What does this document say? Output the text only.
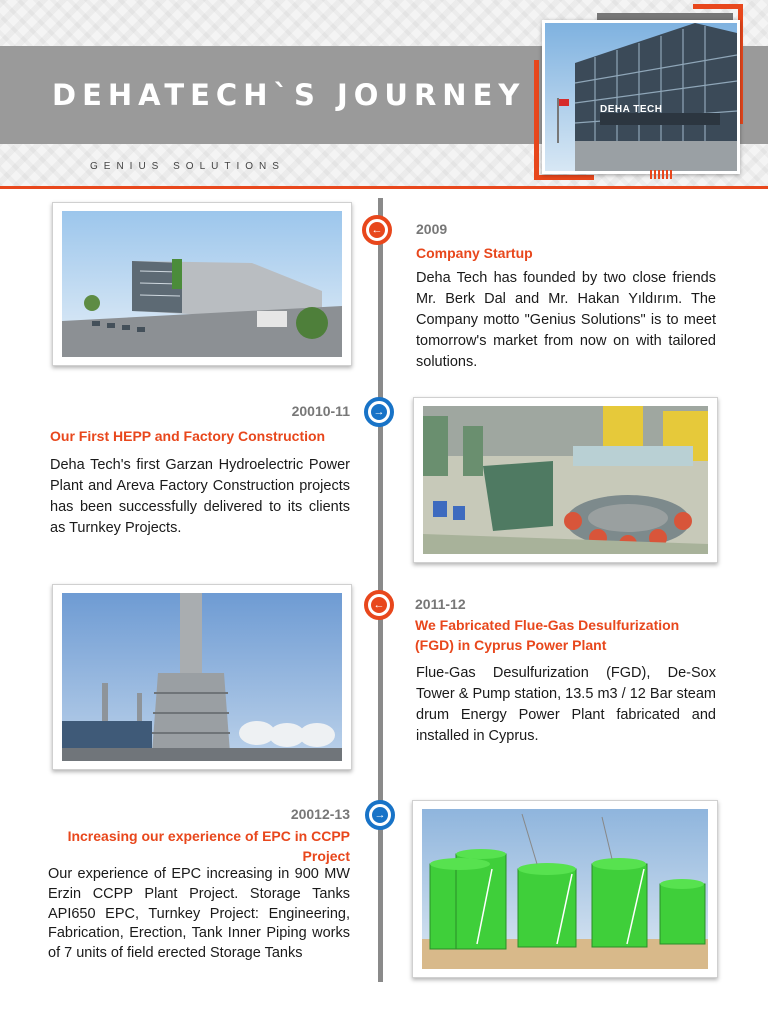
DEHATECH`S JOURNEY
GENIUS SOLUTIONS
DEHA TECH
← 2009
Company Startup
Deha Tech has founded by two close friends Mr. Berk Dal and Mr. Hakan Yıldırım. The Company motto "Genius Solutions" is to meet tomorrow's market from now on with tailored solutions.
→
20010-11
Our First HEPP and Factory Construction
Deha Tech's first Garzan Hydroelectric Power Plant and Areva Factory Construction projects has been successfully delivered to its clients as Turnkey Projects.
← 2011-12
We Fabricated Flue-Gas Desulfurization (FGD) in Cyprus Power Plant
Flue-Gas Desulfurization (FGD), De-Sox Tower & Pump station, 13.5 m3 / 12 Bar steam drum Energy Power Plant fabricated and installed in Cyprus.
→
20012-13
Increasing our experience of EPC in CCPP Project
Our experience of EPC increasing in 900 MW Erzin CCPP Plant Project. Storage Tanks API650 EPC, Turnkey Project: Engineering, Fabrication, Erection, Tank Inner Piping works of 7 units of field erected Storage Tanks
